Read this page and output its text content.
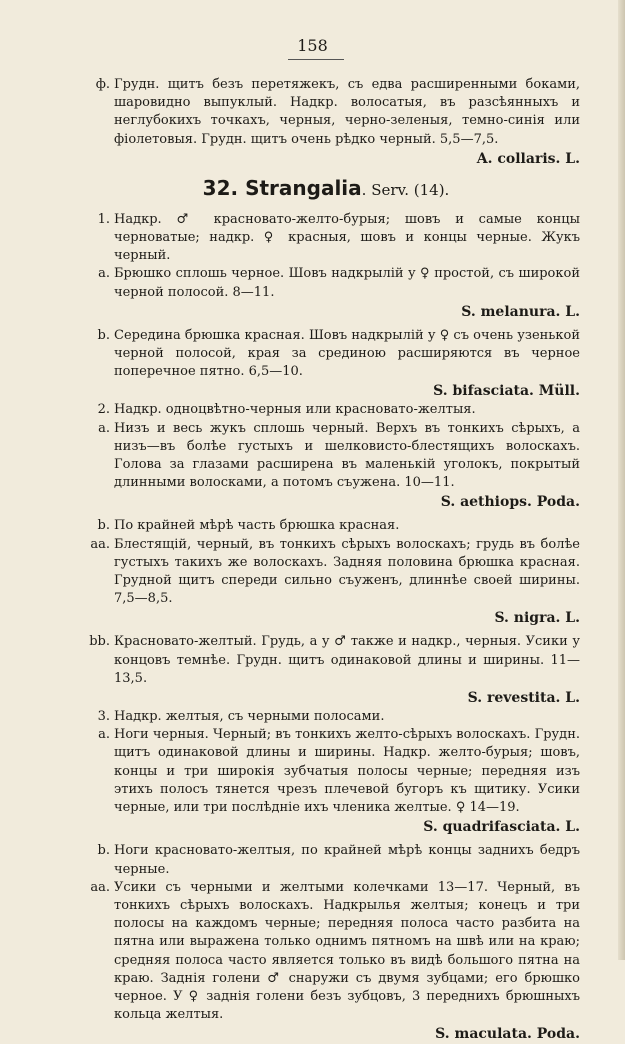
158
ф. Грудн. щитъ безъ перетяжекъ, съ едва расширенными боками, шаровидно выпуклый. Надкр. волосатыя, въ разсѣянныхъ и неглубокихъ точкахъ, черныя, черно-зеленыя, темно-синія или фіолетовыя. Грудн. щитъ очень рѣдко черный. 5,5—7,5.
A. collaris. L.
32. Strangalia. Serv. (14).
1. Надкр. ♂ красновато-желто-бурыя; шовъ и самые концы черноватые; надкр. ♀ красныя, шовъ и концы черные. Жукъ черный.
a. Брюшко сплошь черное. Шовъ надкрылій у ♀ простой, съ широкой черной полосой. 8—11.
S. melanura. L.
b. Середина брюшка красная. Шовъ надкрылій у ♀ съ очень узенькой черной полосой, края за срединою расширяются въ черное поперечное пятно. 6,5—10.
S. bifasciata. Müll.
2. Надкр. одноцвѣтно-черныя или красновато-желтыя.
a. Низъ и весь жукъ сплошь черный. Верхъ въ тонкихъ сѣрыхъ, а низъ—въ болѣе густыхъ и шелковисто-блестящихъ волоскахъ. Голова за глазами расширена въ маленькій уголокъ, покрытый длинными волосками, а потомъ съужена. 10—11.
S. aethiops. Poda.
b. По крайней мѣрѣ часть брюшка красная.
aa. Блестящій, черный, въ тонкихъ сѣрыхъ волоскахъ; грудь въ болѣе густыхъ такихъ же волоскахъ. Задняя половина брюшка красная. Грудной щитъ спереди сильно съуженъ, длиннѣе своей ширины. 7,5—8,5.
S. nigra. L.
bb. Красновато-желтый. Грудь, а у ♂ также и надкр., черныя. Усики у концовъ темнѣе. Грудн. щитъ одинаковой длины и ширины. 11—13,5.
S. revestita. L.
3. Надкр. желтыя, съ черными полосами.
a. Ноги черныя. Черный; въ тонкихъ желто-сѣрыхъ волоскахъ. Грудн. щитъ одинаковой длины и ширины. Надкр. желто-бурыя; шовъ, концы и три широкія зубчатыя полосы черные; передняя изъ этихъ полосъ тянется чрезъ плечевой бугоръ къ щитику. Усики черные, или три послѣдніе ихъ членика желтые. ♀ 14—19.
S. quadrifasciata. L.
b. Ноги красновато-желтыя, по крайней мѣрѣ концы заднихъ бедръ черные.
aa. Усики съ черными и желтыми колечками 13—17. Черный, въ тонкихъ сѣрыхъ волоскахъ. Надкрылья желтыя; конецъ и три полосы на каждомъ черные; передняя полоса часто разбита на пятна или выражена только однимъ пятномъ на швѣ или на краю; средняя полоса часто является только въ видѣ большого пятна на краю. Заднія голени ♂ снаружи съ двумя зубцами; его брюшко черное. У ♀ заднія голени безъ зубцовъ, 3 переднихъ брюшныхъ кольца желтыя.
S. maculata. Poda.
